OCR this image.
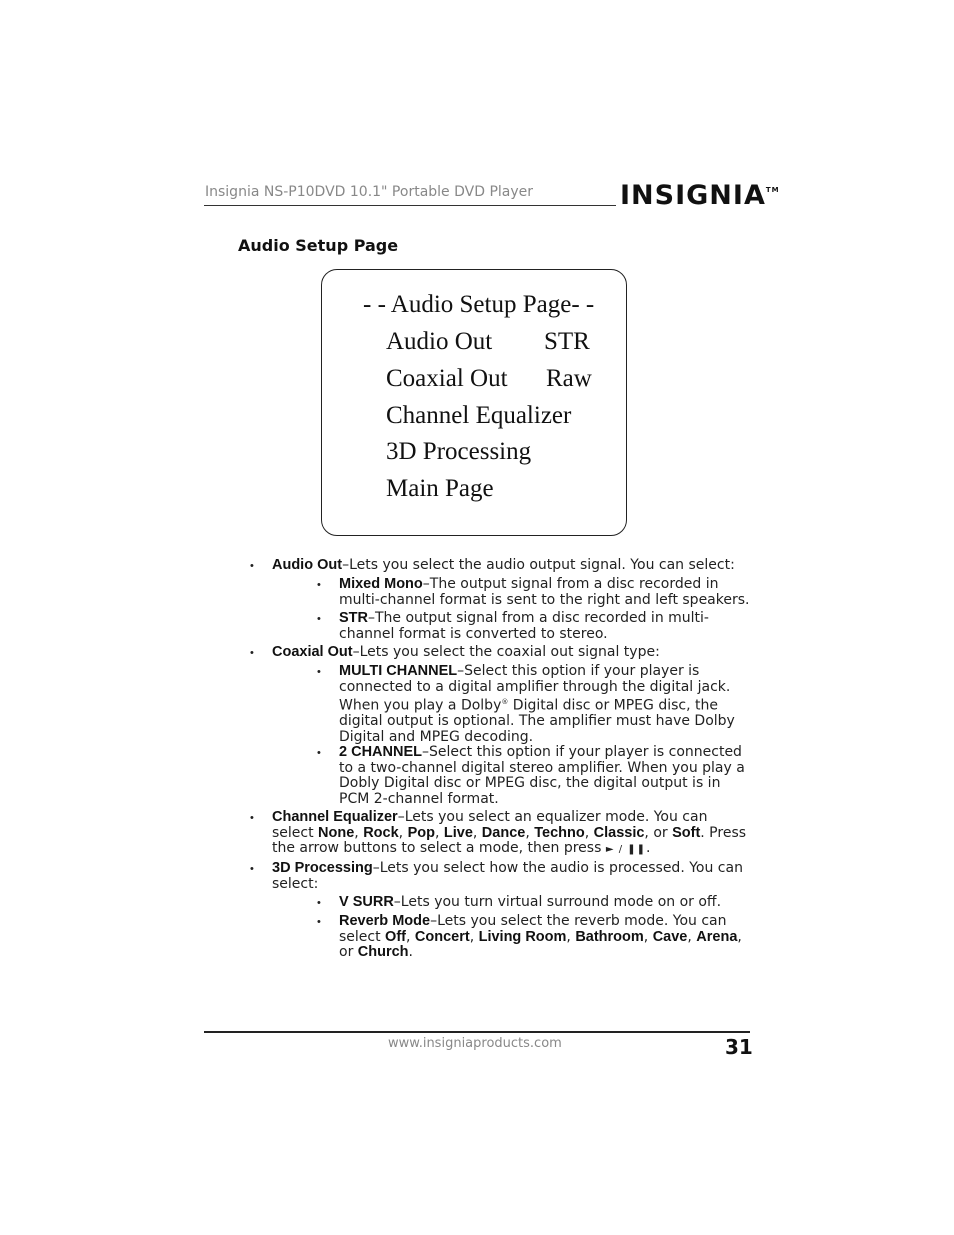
Insignia NS-P10DVD 10.1" Portable DVD Player	INSIGNIA™
Audio Setup Page
- - Audio Setup Page- -
Audio Out STR
Coaxial Out Raw
Channel Equalizer
3D Processing
Main Page
• Audio Out–Lets you select the audio output signal. You can select:
• Mixed Mono–The output signal from a disc recorded in multi-channel format is sent to the right and left speakers.
• STR–The output signal from a disc recorded in multi-channel format is converted to stereo.
• Coaxial Out–Lets you select the coaxial out signal type:
• MULTI CHANNEL–Select this option if your player is connected to a digital amplifier through the digital jack. When you play a Dolby® Digital disc or MPEG disc, the digital output is optional. The amplifier must have Dolby Digital and MPEG decoding.
• 2 CHANNEL–Select this option if your player is connected to a two-channel digital stereo amplifier. When you play a Dobly Digital disc or MPEG disc, the digital output is in PCM 2-channel format.
• Channel Equalizer–Lets you select an equalizer mode. You can select None, Rock, Pop, Live, Dance, Techno, Classic, or Soft. Press the arrow buttons to select a mode, then press ► / ❚❚.
• 3D Processing–Lets you select how the audio is processed. You can select:
• V SURR–Lets you turn virtual surround mode on or off.
• Reverb Mode–Lets you select the reverb mode. You can select Off, Concert, Living Room, Bathroom, Cave, Arena, or Church.
www.insigniaproducts.com	31
